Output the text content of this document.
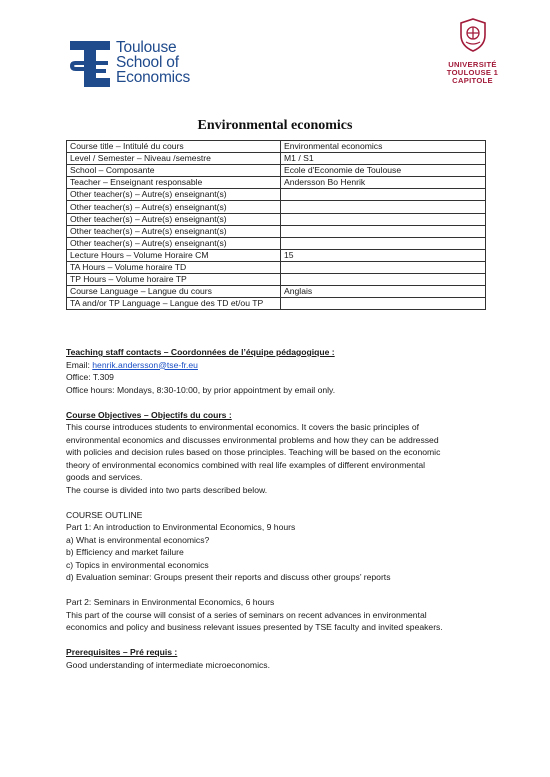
Toulouse
School of
Economics
UNIVERSITÉ
TOULOUSE 1
CAPITOLE
Environmental economics
Course title – Intitulé du cours	Environmental economics
Level / Semester – Niveau /semestre	M1 / S1
School – Composante	Ecole d'Economie de Toulouse
Teacher – Enseignant responsable	Andersson Bo Henrik
Other teacher(s) – Autre(s) enseignant(s)	
Other teacher(s) – Autre(s) enseignant(s)	
Other teacher(s) – Autre(s) enseignant(s)	
Other teacher(s) – Autre(s) enseignant(s)	
Other teacher(s) – Autre(s) enseignant(s)	
Lecture Hours – Volume Horaire CM	15
TA Hours – Volume horaire TD	
TP Hours – Volume horaire TP	
Course Language – Langue du cours	Anglais
TA and/or TP Language – Langue des TD et/ou TP	

Teaching staff contacts – Coordonnées de l’équipe pédagogique :

Email: henrik.andersson@tse-fr.eu

Office: T.309

Office hours: Mondays, 8:30-10:00, by prior appointment by email only.

Course Objectives – Objectifs du cours :

This course introduces students to environmental economics. It covers the basic principles of

environmental economics and discusses environmental problems and how they can be addressed

with policies and decision rules based on those principles. Teaching will be based on the economic

theory of environmental economics combined with real life examples of different environmental

goods and services.

The course is divided into two parts described below.

COURSE OUTLINE

Part 1: An introduction to Environmental Economics, 9 hours

a) What is environmental economics?

b) Efficiency and market failure

c) Topics in environmental economics

d) Evaluation seminar: Groups present their reports and discuss other groups’ reports

Part 2: Seminars in Environmental Economics, 6 hours

This part of the course will consist of a series of seminars on recent advances in environmental

economics and policy and business relevant issues presented by TSE faculty and invited speakers.

Prerequisites – Pré requis :

Good understanding of intermediate microeconomics.
